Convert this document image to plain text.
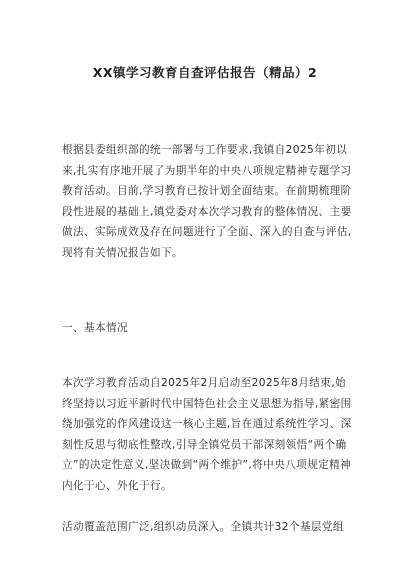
XX镇学习教育自查评估报告（精品）2

根据县委组织部的统一部署与工作要求,我镇自2025年初以来,扎实有序地开展了为期半年的中央八项规定精神专题学习教育活动。目前,学习教育已按计划全面结束。在前期梳理阶段性进展的基础上,镇党委对本次学习教育的整体情况、主要做法、实际成效及存在问题进行了全面、深入的自查与评估,现将有关情况报告如下。

一、基本情况

本次学习教育活动自2025年2月启动至2025年8月结束,始终坚持以习近平新时代中国特色社会主义思想为指导,紧密围绕加强党的作风建设这一核心主题,旨在通过系统性学习、深刻性反思与彻底性整改,引导全镇党员干部深刻领悟“两个确立”的决定性意义,坚决做到“两个维护”,将中央八项规定精神内化于心、外化于行。

活动覆盖范围广泛,组织动员深入。全镇共计32个基层党组
